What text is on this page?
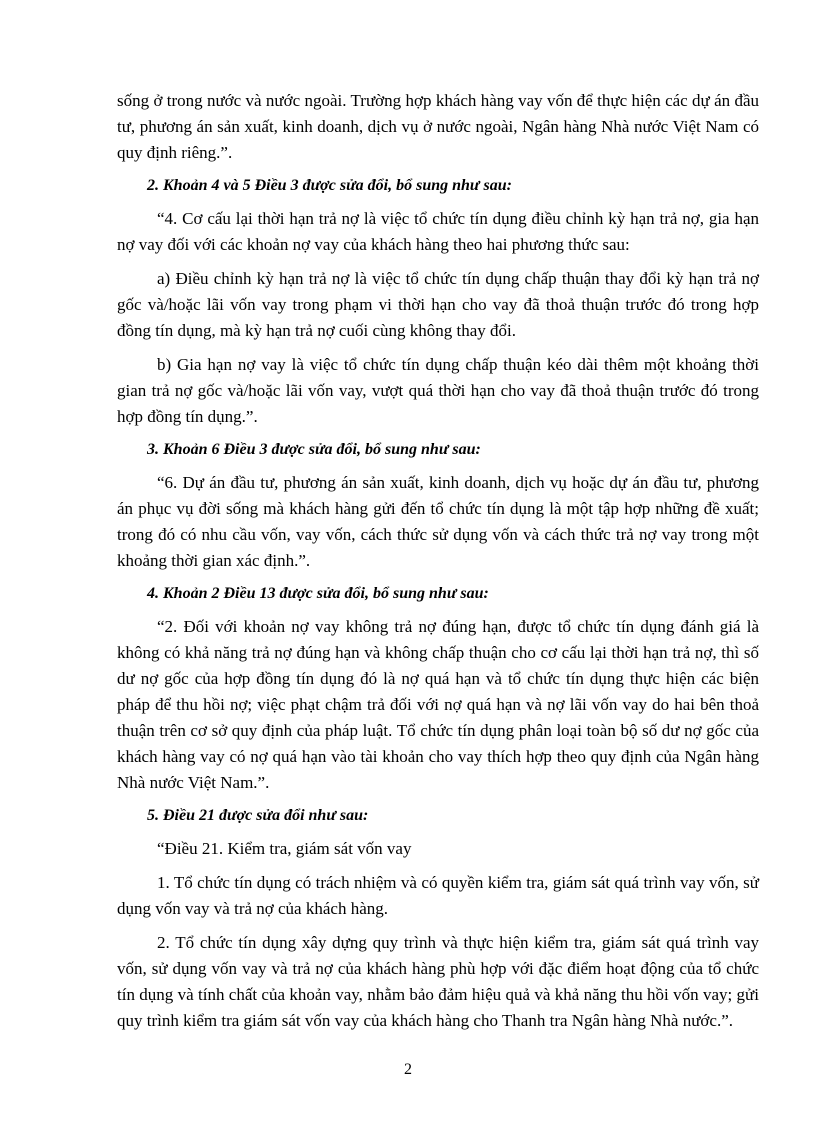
sống ở trong nước và nước ngoài. Trường hợp khách hàng vay vốn để thực hiện các dự án đầu tư, phương án sản xuất, kinh doanh, dịch vụ ở nước ngoài, Ngân hàng Nhà nước Việt Nam có quy định riêng.”.

2. Khoản 4 và 5 Điều 3 được sửa đổi, bổ sung như sau:

“4. Cơ cấu lại thời hạn trả nợ là việc tổ chức tín dụng điều chỉnh kỳ hạn trả nợ, gia hạn nợ vay đối với các khoản nợ vay của khách hàng theo hai phương thức sau:

a) Điều chỉnh kỳ hạn trả nợ là việc tổ chức tín dụng chấp thuận thay đổi kỳ hạn trả nợ gốc và/hoặc lãi vốn vay trong phạm vi thời hạn cho vay đã thoả thuận trước đó trong hợp đồng tín dụng, mà kỳ hạn trả nợ cuối cùng không thay đổi.

b) Gia hạn nợ vay là việc tổ chức tín dụng chấp thuận kéo dài thêm một khoảng thời gian trả nợ gốc và/hoặc lãi vốn vay, vượt quá thời hạn cho vay đã thoả thuận trước đó trong hợp đồng tín dụng.”.

3. Khoản 6 Điều 3 được sửa đổi, bổ sung như sau:

“6. Dự án đầu tư, phương án sản xuất, kinh doanh, dịch vụ hoặc dự án đầu tư, phương án phục vụ đời sống mà khách hàng gửi đến tổ chức tín dụng là một tập hợp những đề xuất; trong đó có nhu cầu vốn, vay vốn, cách thức sử dụng vốn và cách thức trả nợ vay trong một khoảng thời gian xác định.”.

4. Khoản 2 Điều 13 được sửa đổi, bổ sung như sau:

“2. Đối với khoản nợ vay không trả nợ đúng hạn, được tổ chức tín dụng đánh giá là không có khả năng trả nợ đúng hạn và không chấp thuận cho cơ cấu lại thời hạn trả nợ, thì số dư nợ gốc của hợp đồng tín dụng đó là nợ quá hạn và tổ chức tín dụng thực hiện các biện pháp để thu hồi nợ; việc phạt chậm trả đối với nợ quá hạn và nợ lãi vốn vay do hai bên thoả thuận trên cơ sở quy định của pháp luật. Tổ chức tín dụng phân loại toàn bộ số dư nợ gốc của khách hàng vay có nợ quá hạn vào tài khoản cho vay thích hợp theo quy định của Ngân hàng Nhà nước Việt Nam.”.

5. Điều 21 được sửa đổi như sau:

“Điều 21. Kiểm tra, giám sát vốn vay

1. Tổ chức tín dụng có trách nhiệm và có quyền kiểm tra, giám sát quá trình vay vốn, sử dụng vốn vay và trả nợ của khách hàng.

2. Tổ chức tín dụng xây dựng quy trình và thực hiện kiểm tra, giám sát quá trình vay vốn, sử dụng vốn vay và trả nợ của khách hàng phù hợp với đặc điểm hoạt động của tổ chức tín dụng và tính chất của khoản vay, nhằm bảo đảm hiệu quả và khả năng thu hồi vốn vay; gửi quy trình kiểm tra giám sát vốn vay của khách hàng cho Thanh tra Ngân hàng Nhà nước.”.

2
